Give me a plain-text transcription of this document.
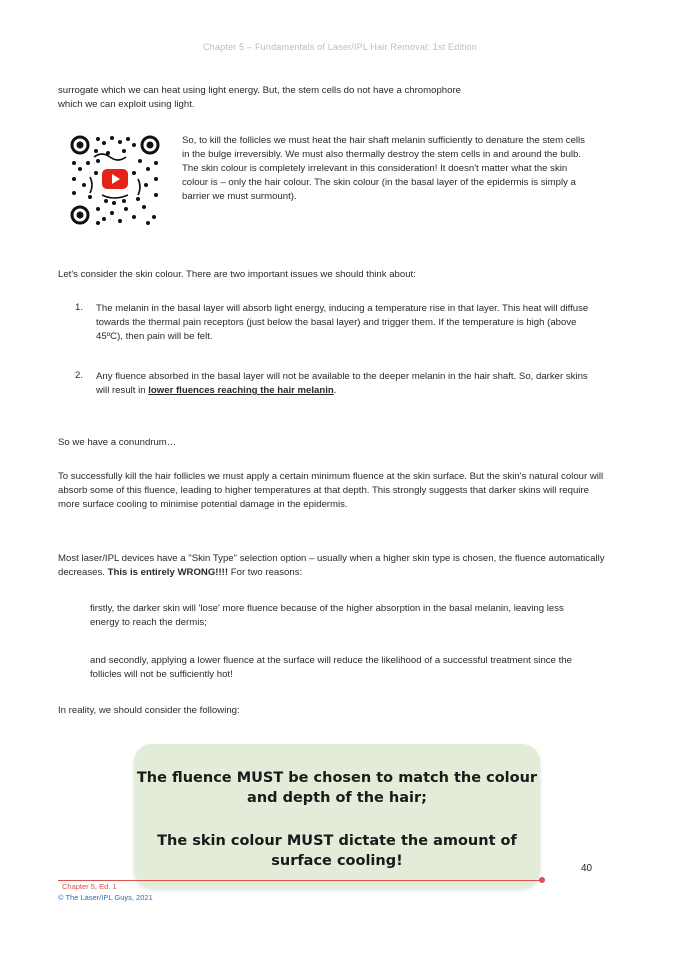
Chapter 5 – Fundamentals of Laser/IPL Hair Removal: 1st Edition

surrogate which we can heat using light energy. But, the stem cells do not have a chromophore

which we can exploit using light.

So, to kill the follicles we must heat the hair shaft melanin sufficiently to denature the stem cells in the bulge irreversibly. We must also thermally destroy the stem cells in and around the bulb. The skin colour is completely irrelevant in this consideration! It doesn't matter what the skin colour is – only the hair colour. The skin colour (in the basal layer of the epidermis is simply a barrier we must surmount).

Let's consider the skin colour. There are two important issues we should think about:

1. The melanin in the basal layer will absorb light energy, inducing a temperature rise in that layer. This heat will diffuse towards the thermal pain receptors (just below the basal layer) and trigger them. If the temperature is high (above 45ºC), then pain will be felt.

2. Any fluence absorbed in the basal layer will not be available to the deeper melanin in the hair shaft. So, darker skins will result in lower fluences reaching the hair melanin.

So we have a conundrum…

To successfully kill the hair follicles we must apply a certain minimum fluence at the skin surface. But the skin's natural colour will absorb some of this fluence, leading to higher temperatures at that depth. This strongly suggests that darker skins will require more surface cooling to minimise potential damage in the epidermis.

Most laser/IPL devices have a "Skin Type" selection option – usually when a higher skin type is chosen, the fluence automatically decreases. This is entirely WRONG!!!! For two reasons:

firstly, the darker skin will 'lose' more fluence because of the higher absorption in the basal melanin, leaving less energy to reach the dermis;

and secondly, applying a lower fluence at the surface will reduce the likelihood of a successful treatment since the follicles will not be sufficiently hot!

In reality, we should consider the following:

The fluence MUST be chosen to match the colour and depth of the hair;
The skin colour MUST dictate the amount of surface cooling!	40
Chapter 5, Ed. 1
© The Laser/IPL Guys, 2021
